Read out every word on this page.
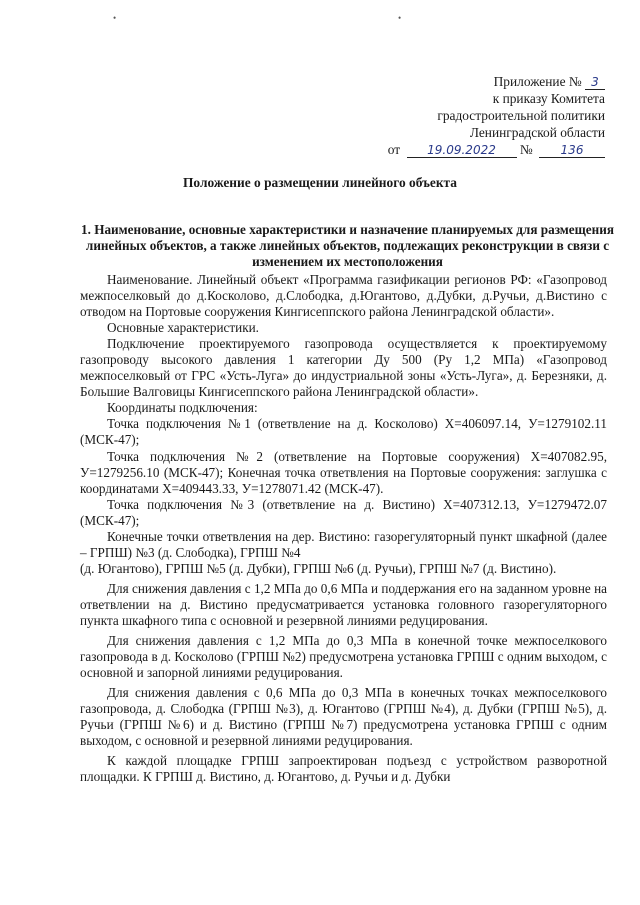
•	•
Приложение № 3
к приказу Комитета
градостроительной политики
Ленинградской области
от 19.09.2022 № 136
Положение о размещении линейного объекта
1. Наименование, основные характеристики и назначение планируемых для размещения линейных объектов, а также линейных объектов, подлежащих реконструкции в связи с изменением их местоположения

Наименование. Линейный объект «Программа газификации регионов РФ: «Газопровод межпоселковый до д.Косколово, д.Слободка, д.Югантово, д.Дубки, д.Ручьи, д.Вистино с отводом на Портовые сооружения Кингисеппского района Ленинградской области».

Основные характеристики.

Подключение проектируемого газопровода осуществляется к проектируемому газопроводу высокого давления 1 категории Ду 500 (Ру 1,2 МПа) «Газопровод межпоселковый от ГРС «Усть-Луга» до индустриальной зоны «Усть-Луга», д. Березняки, д. Большие Валговицы Кингисеппского района Ленинградской области».

Координаты подключения:

Точка подключения №1 (ответвление на д. Косколово) Х=406097.14, У=1279102.11 (МСК-47);

Точка подключения №2 (ответвление на Портовые сооружения) Х=407082.95, У=1279256.10 (МСК-47); Конечная точка ответвления на Портовые сооружения: заглушка с координатами Х=409443.33, У=1278071.42 (МСК-47).

Точка подключения №3 (ответвление на д. Вистино) Х=407312.13, У=1279472.07 (МСК-47);

Конечные точки ответвления на дер. Вистино: газорегуляторный пункт шкафной (далее – ГРПШ) №3 (д. Слободка), ГРПШ №4

(д. Югантово), ГРПШ №5 (д. Дубки), ГРПШ №6 (д. Ручьи), ГРПШ №7 (д. Вистино).

Для снижения давления с 1,2 МПа до 0,6 МПа и поддержания его на заданном уровне на ответвлении на д. Вистино предусматривается установка головного газорегуляторного пункта шкафного типа с основной и резервной линиями редуцирования.

Для снижения давления с 1,2 МПа до 0,3 МПа в конечной точке межпоселкового газопровода в д. Косколово (ГРПШ №2) предусмотрена установка ГРПШ с одним выходом, с основной и запорной линиями редуцирования.

Для снижения давления с 0,6 МПа до 0,3 МПа в конечных точках межпоселкового газопровода, д. Слободка (ГРПШ №3), д. Югантово (ГРПШ №4), д. Дубки (ГРПШ №5), д. Ручьи (ГРПШ №6) и д. Вистино (ГРПШ №7) предусмотрена установка ГРПШ с одним выходом, с основной и резервной линиями редуцирования.

К каждой площадке ГРПШ запроектирован подъезд с устройством разворотной площадки. К ГРПШ д. Вистино, д. Югантово, д. Ручьи и д. Дубки
